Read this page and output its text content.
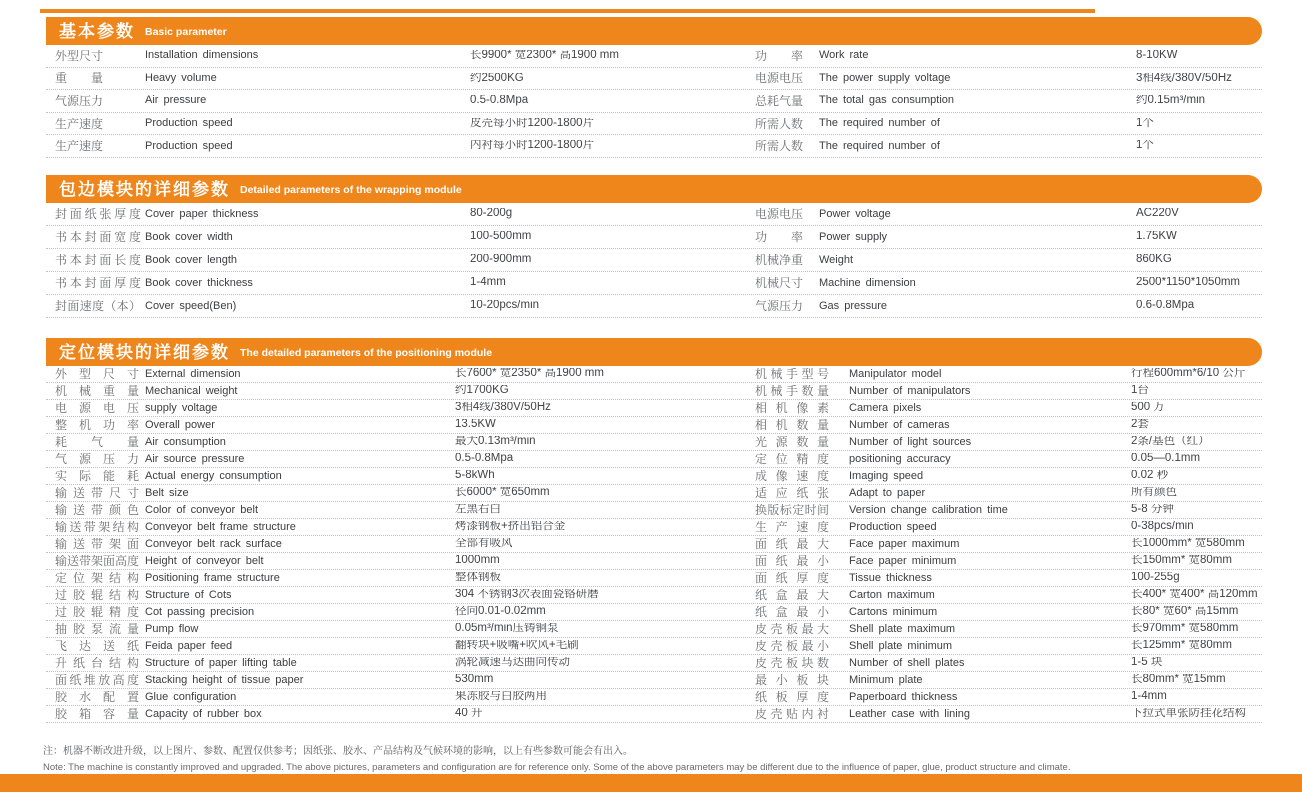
基本参数 Basic parameter
外型尺寸	Installation dimensions	长9900* 宽2300* 高1900 mm	功率	Work rate	8-10KW
重量	Heavy volume	约2500KG	电源电压	The power supply voltage	3相4线/380V/50Hz
气源压力	Air pressure	0.5-0.8Mpa	总耗气量	The total gas consumption	约0.15m³/min
生产速度	Production speed	皮壳每小时1200-1800片	所需人数	The required number of	1个
生产速度	Production speed	内衬每小时1200-1800片	所需人数	The required number of	1个
包边模块的详细参数 Detailed parameters of the wrapping module
封面纸张厚度 Cover paper thickness	80-200g	电源电压	Power voltage	AC220V
书本封面宽度 Book cover width	100-500mm	功率	Power supply	1.75KW
书本封面长度 Book cover length	200-900mm	机械净重	Weight	860KG
书本封面厚度 Book cover thickness	1-4mm	机械尺寸	Machine dimension	2500*1150*1050mm
封面速度（本） Cover speed(Ben)	10-20pcs/min	气源压力	Gas pressure	0.6-0.8Mpa
定位模块的详细参数 The detailed parameters of the positioning module
外型尺寸 External dimension	长7600* 宽2350* 高1900 mm	机械手型号	Manipulator model	行程600mm*6/10 公斤
机械重量 Mechanical weight	约1700KG	机械手数量	Number of manipulators	1台
电源电压 supply voltage	3相4线/380V/50Hz	相机像素	Camera pixels	500 万
整机功率 Overall power	13.5KW	相机数量	Number of cameras	2套
耗气量 Air consumption	最大0.13m³/min	光源数量	Number of light sources	2条/基色（红）
气源压力 Air source pressure	0.5-0.8Mpa	定位精度	positioning accuracy	0.05—0.1mm
实际能耗 Actual energy consumption	5-8kWh	成像速度	Imaging speed	0.02 秒
输送带尺寸 Belt size	长6000* 宽650mm	适应纸张	Adapt to paper	所有颜色
输送带颜色 Color of conveyor belt	左黑右白	换版标定时间	Version change calibration time	5-8 分钟
输送带架结构 Conveyor belt frame structure	烤漆钢板+挤出铝合金	生产速度	Production speed	0-38pcs/min
输送带架面 Conveyor belt rack surface	全部有吸风	面纸最大	Face paper maximum	长1000mm* 宽580mm
输送带架面高度 Height of conveyor belt	1000mm	面纸最小	Face paper minimum	长150mm* 宽80mm
定位架结构 Positioning frame structure	整体钢板	面纸厚度	Tissue thickness	100-255g
过胶辊结构 Structure of Cots	304 不锈钢3次表面瓷铬研磨	纸盒最大	Carton maximum	长400* 宽400* 高120mm
过胶辊精度 Cot passing precision	径向0.01-0.02mm	纸盒最小	Cartons minimum	长80* 宽60* 高15mm
抽胶泵流量 Pump flow	0.05m³/min压铸铜泵	皮壳板最大	Shell plate maximum	长970mm* 宽580mm
飞达送纸 Feida paper feed	翻转块+吸嘴+吹风+毛刷	皮壳板最小	Shell plate minimum	长125mm* 宽80mm
升纸台结构 Structure of paper lifting table	涡轮减速马达曲向传动	皮壳板块数	Number of shell plates	1-5 块
面纸堆放高度 Stacking height of tissue paper	530mm	最小板块	Minimum plate	长80mm* 宽15mm
胶水配置 Glue configuration	果冻胶与白胶两用	纸板厚度	Paperboard thickness	1-4mm
胶箱容量 Capacity of rubber box	40 升	皮壳贴内衬	Leather case with lining	下拉式单张防挂花结构
注：机器不断改进升级，以上图片、参数、配置仅供参考；因纸张、胶水、产品结构及气候环境的影响，以上有些参数可能会有出入。
Note: The machine is constantly improved and upgraded. The above pictures, parameters and configuration are for reference only. Some of the above parameters may be different due to the influence of paper, glue, product structure and climate.
